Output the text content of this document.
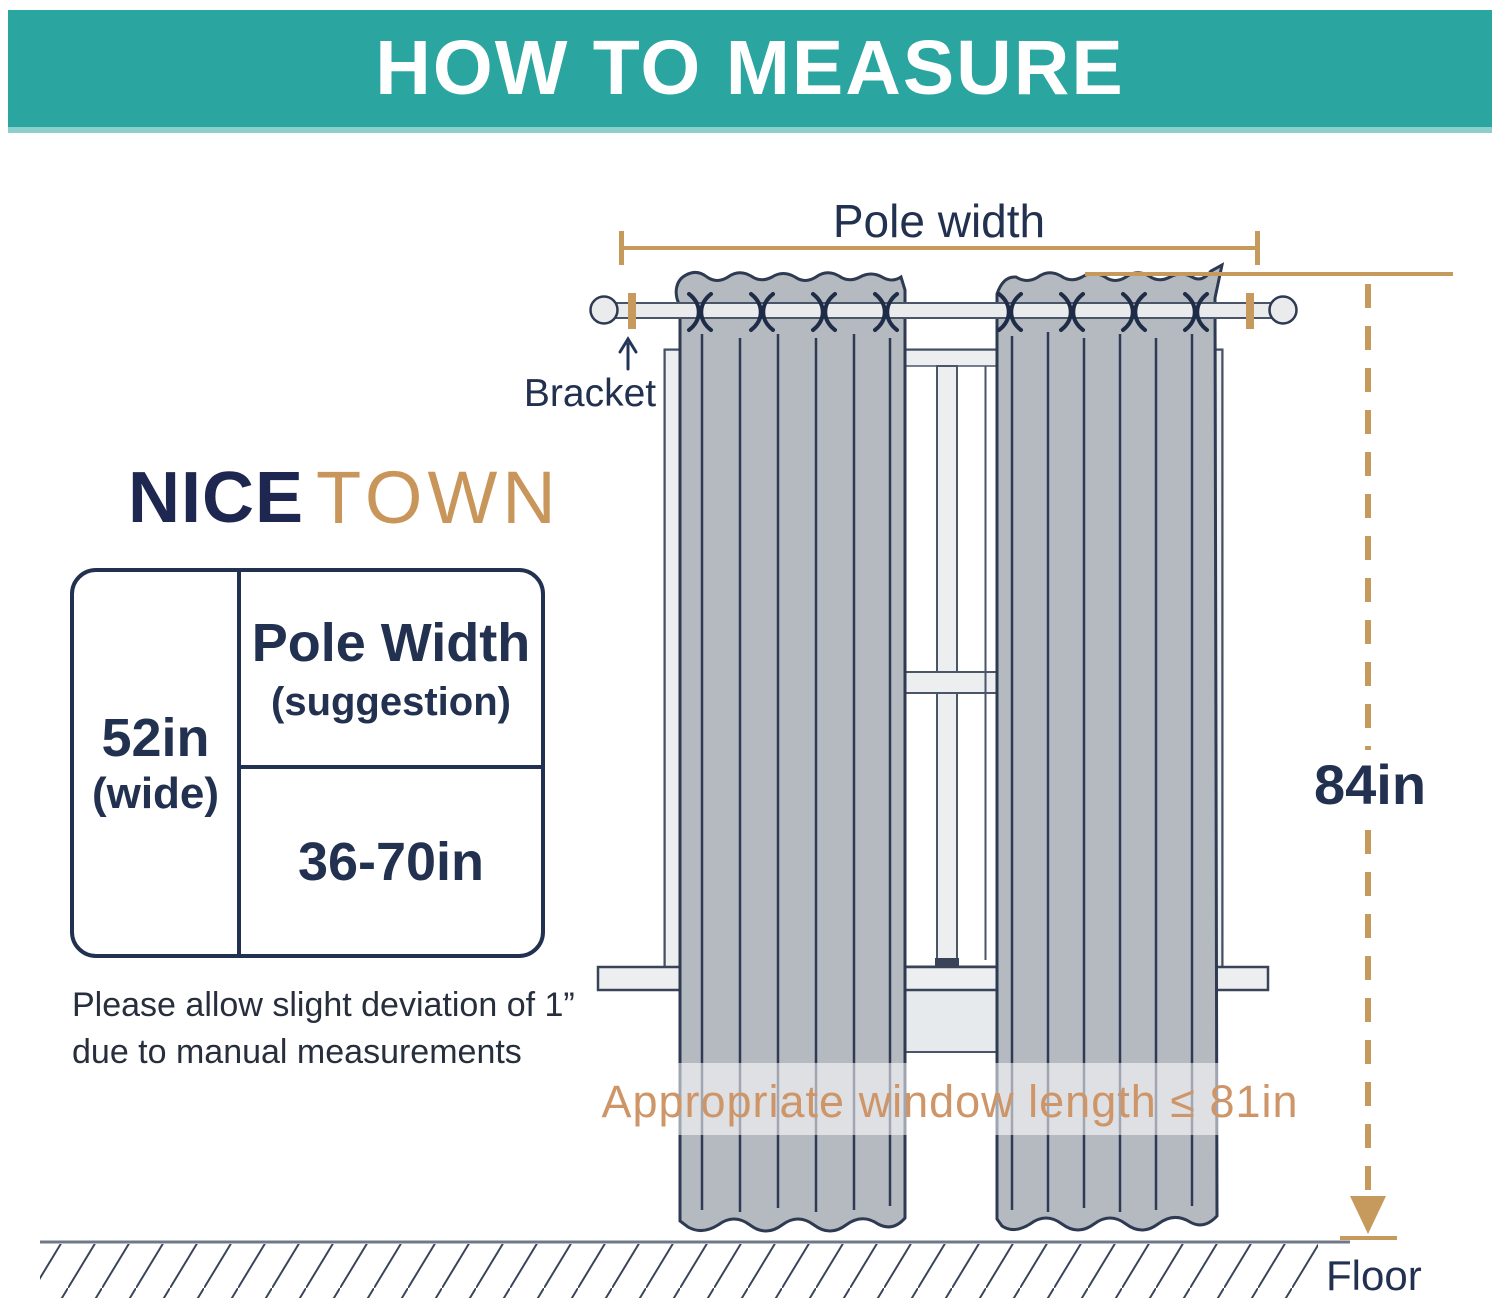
HOW TO MEASURE
Pole width
Bracket
84in
Appropriate window length ≤ 81in
Floor
NICE TOWN
52in
(wide)
Pole Width
(suggestion)
36-70in
Please allow slight deviation of 1”
due to manual measurements
